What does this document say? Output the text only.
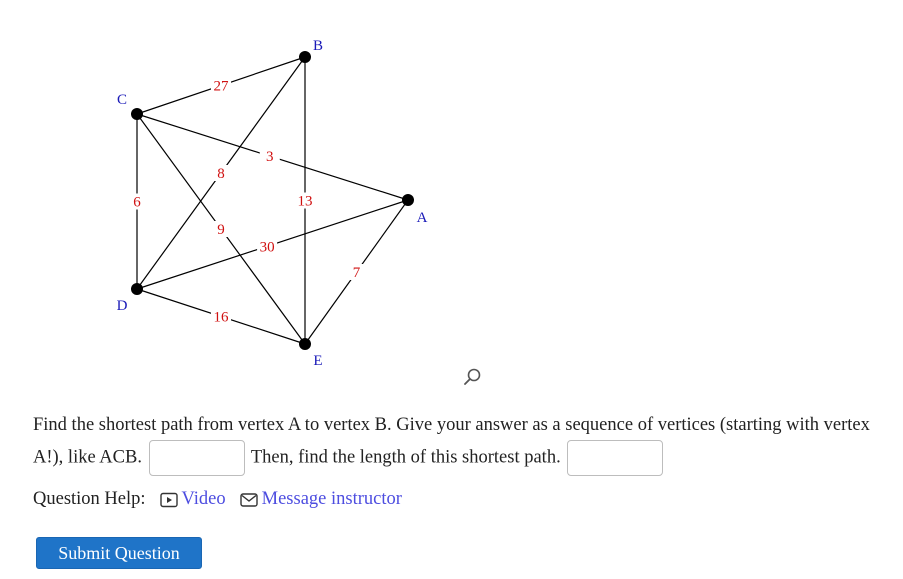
27
3
6
9
8
13
30
16
7
A
B
C
D
E
Find the shortest path from vertex A to vertex B. Give your answer as a sequence of vertices (starting with vertex A!), like ACB.	Then, find the length of this shortest path.
Question Help: Video Message instructor
Submit Question
